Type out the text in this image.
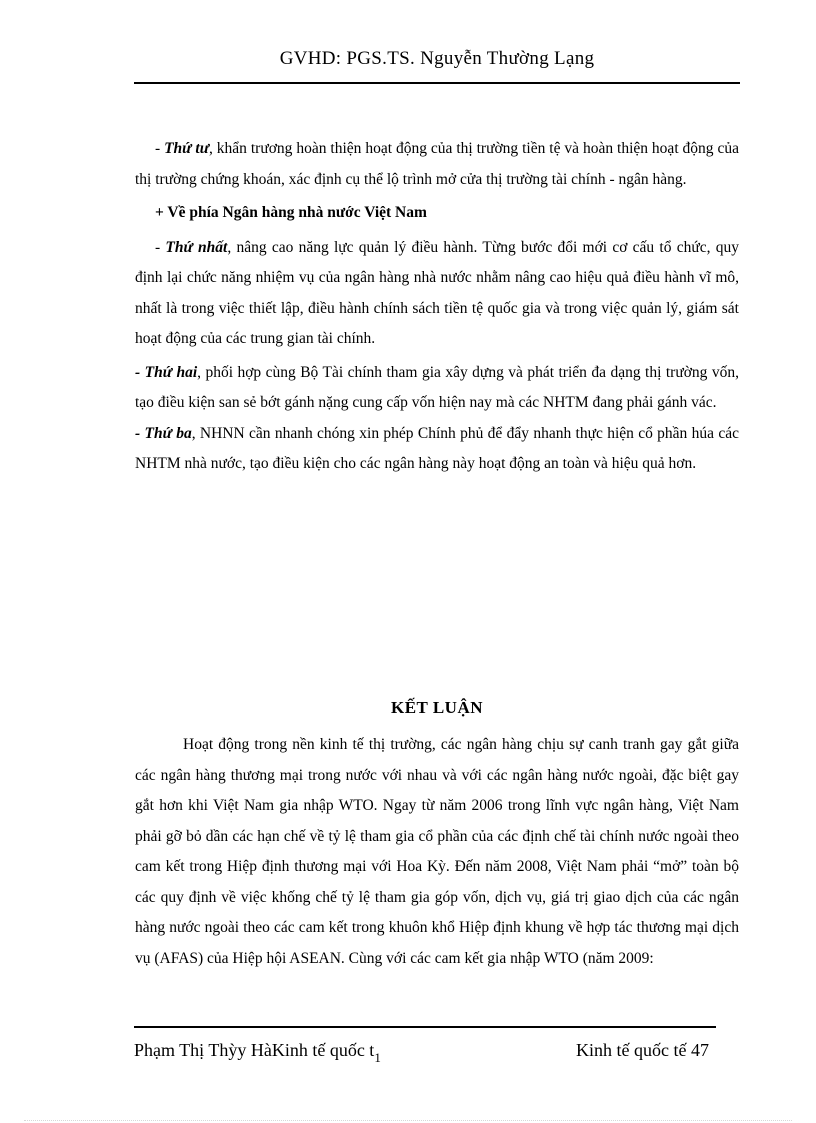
GVHD: PGS.TS. Nguyễn Thường Lạng

- Thứ tư, khẩn trương hoàn thiện hoạt động của thị trường tiền tệ và hoàn thiện hoạt động của thị trường chứng khoán, xác định cụ thể lộ trình mở cửa thị trường tài chính - ngân hàng.

+ Về phía Ngân hàng nhà nước Việt Nam

- Thứ nhất, nâng cao năng lực quản lý điều hành. Từng bước đổi mới cơ cấu tổ chức, quy định lại chức năng nhiệm vụ của ngân hàng nhà nước nhằm nâng cao hiệu quả điều hành vĩ mô, nhất là trong việc thiết lập, điều hành chính sách tiền tệ quốc gia và trong việc quản lý, giám sát hoạt động của các trung gian tài chính.

- Thứ hai, phối hợp cùng Bộ Tài chính tham gia xây dựng và phát triển đa dạng thị trường vốn, tạo điều kiện san sẻ bớt gánh nặng cung cấp vốn hiện nay mà các NHTM đang phải gánh vác.

- Thứ ba, NHNN cần nhanh chóng xin phép Chính phủ để đẩy nhanh thực hiện cổ phần húa các NHTM nhà nước, tạo điều kiện cho các ngân hàng này hoạt động an toàn và hiệu quả hơn.

KẾT LUẬN

Hoạt động trong nền kinh tế thị trường, các ngân hàng chịu sự canh tranh gay gắt giữa các ngân hàng thương mại trong nước với nhau và với các ngân hàng nước ngoài, đặc biệt gay gắt hơn khi Việt Nam gia nhập WTO. Ngay từ năm 2006 trong lĩnh vực ngân hàng, Việt Nam phải gỡ bỏ dần các hạn chế về tỷ lệ tham gia cổ phần của các định chế tài chính nước ngoài theo cam kết trong Hiệp định thương mại với Hoa Kỳ. Đến năm 2008, Việt Nam phải “mở” toàn bộ các quy định về việc khống chế tỷ lệ tham gia góp vốn, dịch vụ, giá trị giao dịch của các ngân hàng nước ngoài theo các cam kết trong khuôn khổ Hiệp định khung về hợp tác thương mại dịch vụ (AFAS) của Hiệp hội ASEAN. Cùng với các cam kết gia nhập WTO (năm 2009:

Phạm Thị Thỳy HàKinh tế quốc $t_1$	Kinh tế quốc tế 47
